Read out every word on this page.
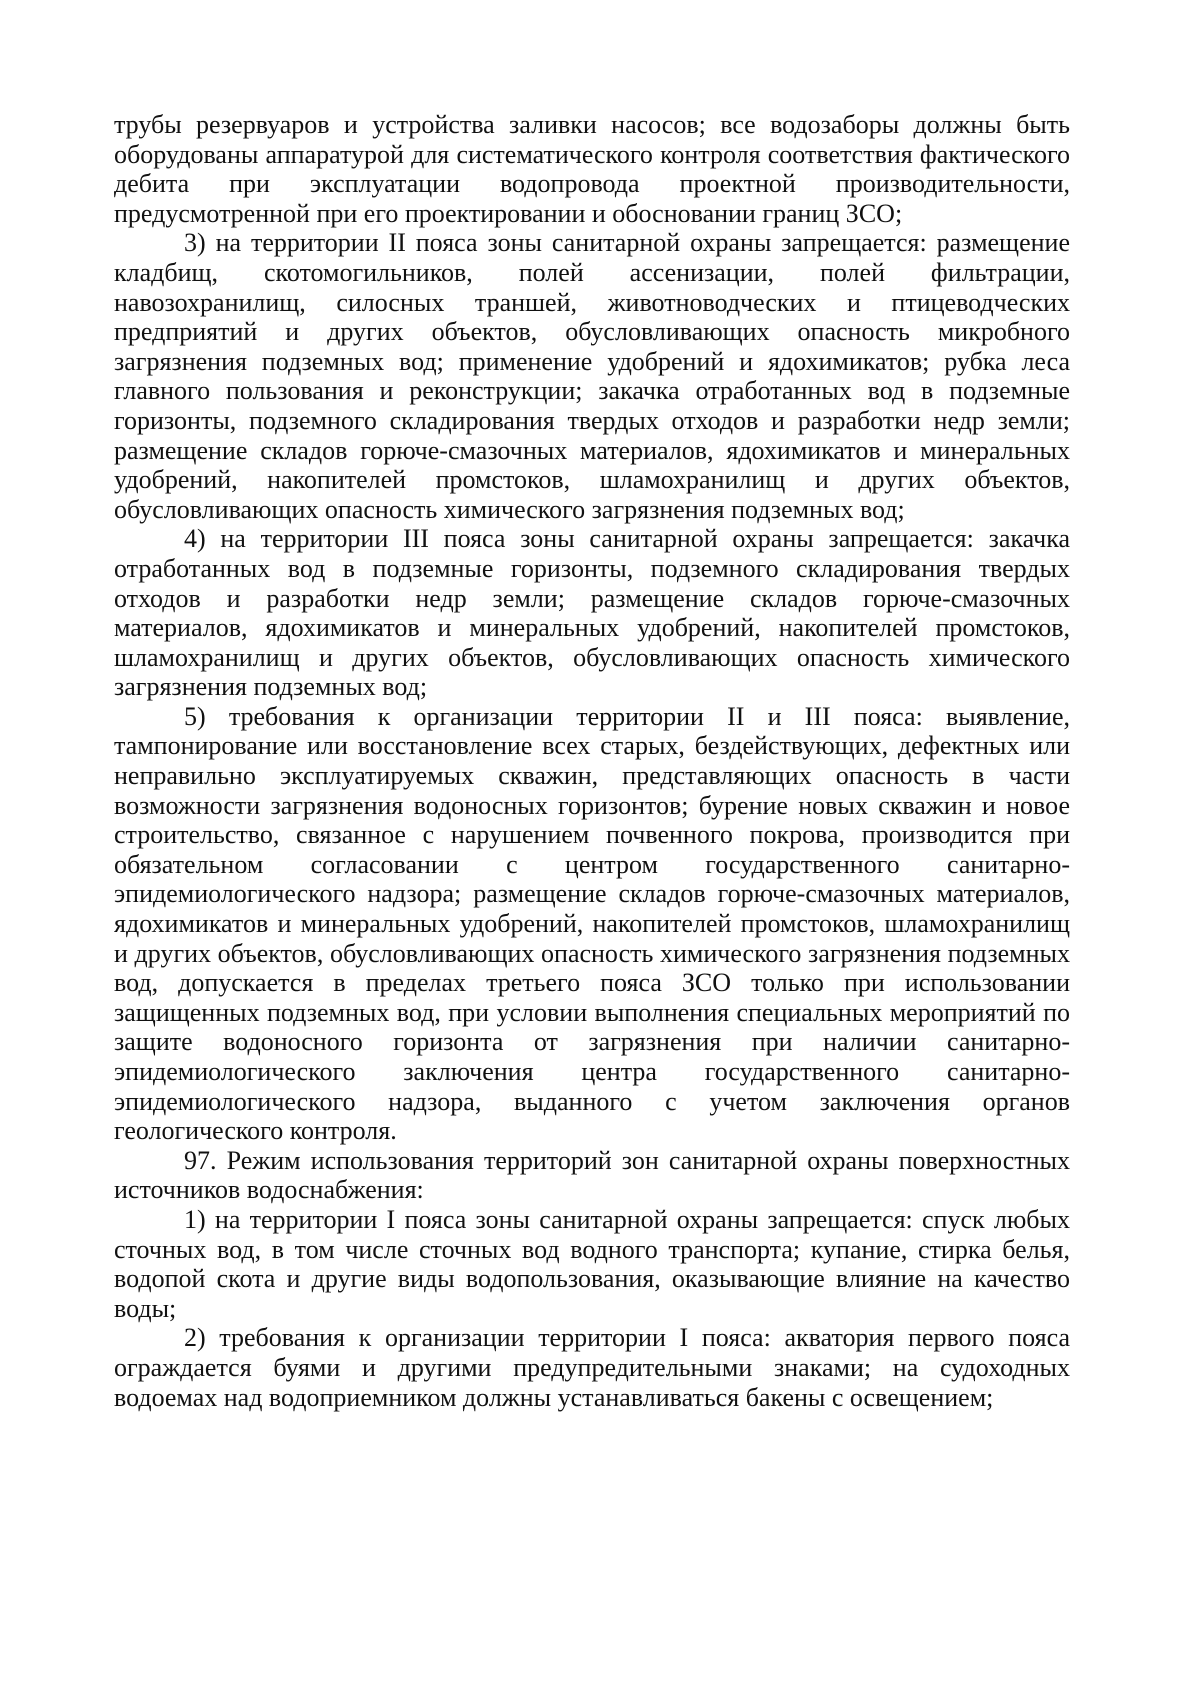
трубы резервуаров и устройства заливки насосов; все водозаборы должны быть оборудованы аппаратурой для систематического контроля соответствия фактического дебита при эксплуатации водопровода проектной производительности, предусмотренной при его проектировании и обосновании границ ЗСО;

3) на территории II пояса зоны санитарной охраны запрещается: размещение кладбищ, скотомогильников, полей ассенизации, полей фильтрации, навозохранилищ, силосных траншей, животноводческих и птицеводческих предприятий и других объектов, обусловливающих опасность микробного загрязнения подземных вод; применение удобрений и ядохимикатов; рубка леса главного пользования и реконструкции; закачка отработанных вод в подземные горизонты, подземного складирования твердых отходов и разработки недр земли; размещение складов горюче-смазочных материалов, ядохимикатов и минеральных удобрений, накопителей промстоков, шламохранилищ и других объектов, обусловливающих опасность химического загрязнения подземных вод;

4) на территории III пояса зоны санитарной охраны запрещается: закачка отработанных вод в подземные горизонты, подземного складирования твердых отходов и разработки недр земли; размещение складов горюче-смазочных материалов, ядохимикатов и минеральных удобрений, накопителей промстоков, шламохранилищ и других объектов, обусловливающих опасность химического загрязнения подземных вод;

5) требования к организации территории II и III пояса: выявление, тампонирование или восстановление всех старых, бездействующих, дефектных или неправильно эксплуатируемых скважин, представляющих опасность в части возможности загрязнения водоносных горизонтов; бурение новых скважин и новое строительство, связанное с нарушением почвенного покрова, производится при обязательном согласовании с центром государственного санитарно-эпидемиологического надзора; размещение складов горюче-смазочных материалов, ядохимикатов и минеральных удобрений, накопителей промстоков, шламохранилищ и других объектов, обусловливающих опасность химического загрязнения подземных вод, допускается в пределах третьего пояса ЗСО только при использовании защищенных подземных вод, при условии выполнения специальных мероприятий по защите водоносного горизонта от загрязнения при наличии санитарно-эпидемиологического заключения центра государственного санитарно-эпидемиологического надзора, выданного с учетом заключения органов геологического контроля.

97. Режим использования территорий зон санитарной охраны поверхностных источников водоснабжения:

1) на территории I пояса зоны санитарной охраны запрещается: спуск любых сточных вод, в том числе сточных вод водного транспорта; купание, стирка белья, водопой скота и другие виды водопользования, оказывающие влияние на качество воды;

2) требования к организации территории I пояса: акватория первого пояса ограждается буями и другими предупредительными знаками; на судоходных водоемах над водоприемником должны устанавливаться бакены с освещением;
